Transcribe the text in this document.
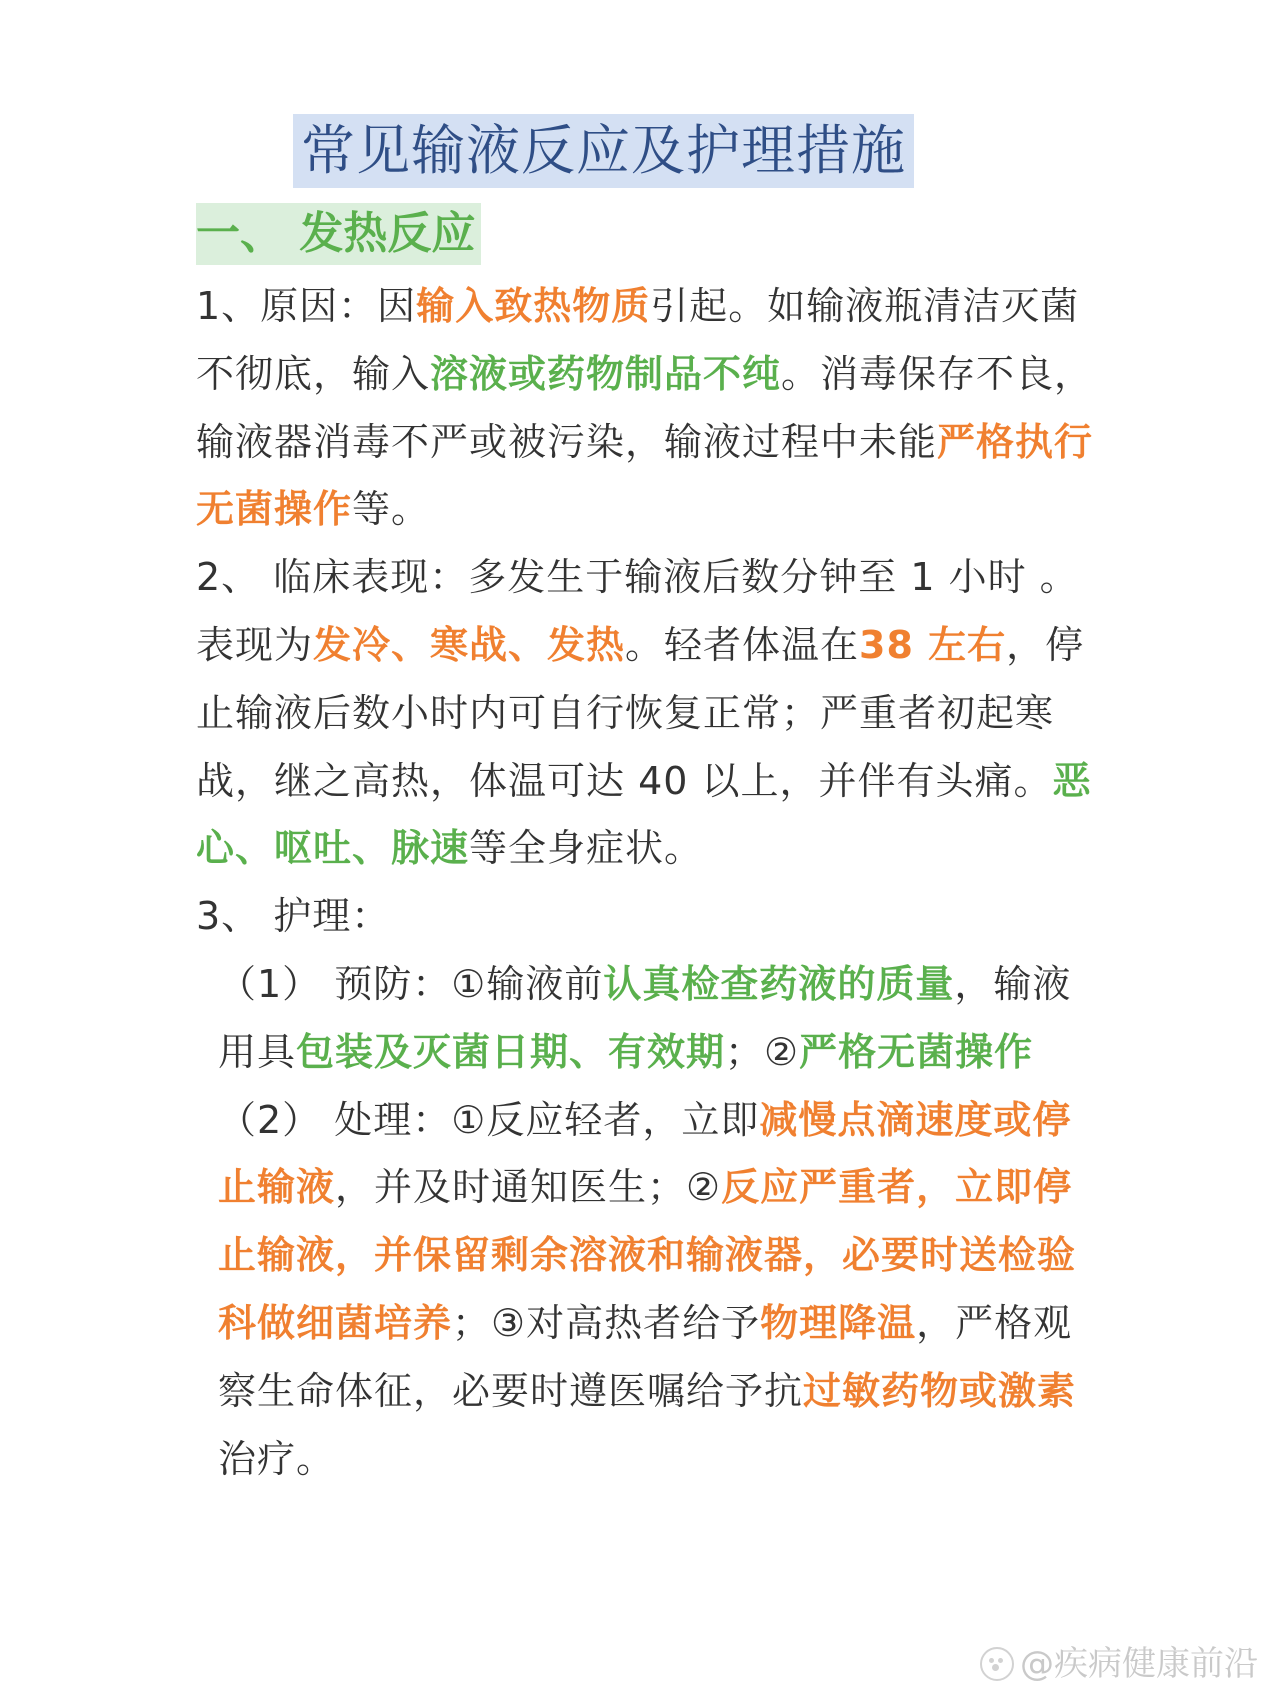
常见输液反应及护理措施
一、 发热反应

1、原因：因输入致热物质引起。如输液瓶清洁灭菌不彻底，输入溶液或药物制品不纯。消毒保存不良，输液器消毒不严或被污染，输液过程中未能严格执行无菌操作等。

2、 临床表现：多发生于输液后数分钟至 1 小时 。表现为发冷、寒战、发热。轻者体温在38 左右，停止输液后数小时内可自行恢复正常；严重者初起寒战，继之高热，体温可达 40 以上，并伴有头痛。恶心、呕吐、脉速等全身症状。

3、 护理：

（1） 预防：①输液前认真检查药液的质量，输液用具包装及灭菌日期、有效期；②严格无菌操作

（2） 处理：①反应轻者，立即减慢点滴速度或停止输液，并及时通知医生；②反应严重者，立即停止输液，并保留剩余溶液和输液器，必要时送检验科做细菌培养；③对高热者给予物理降温，严格观察生命体征，必要时遵医嘱给予抗过敏药物或激素治疗。

@疾病健康前沿
